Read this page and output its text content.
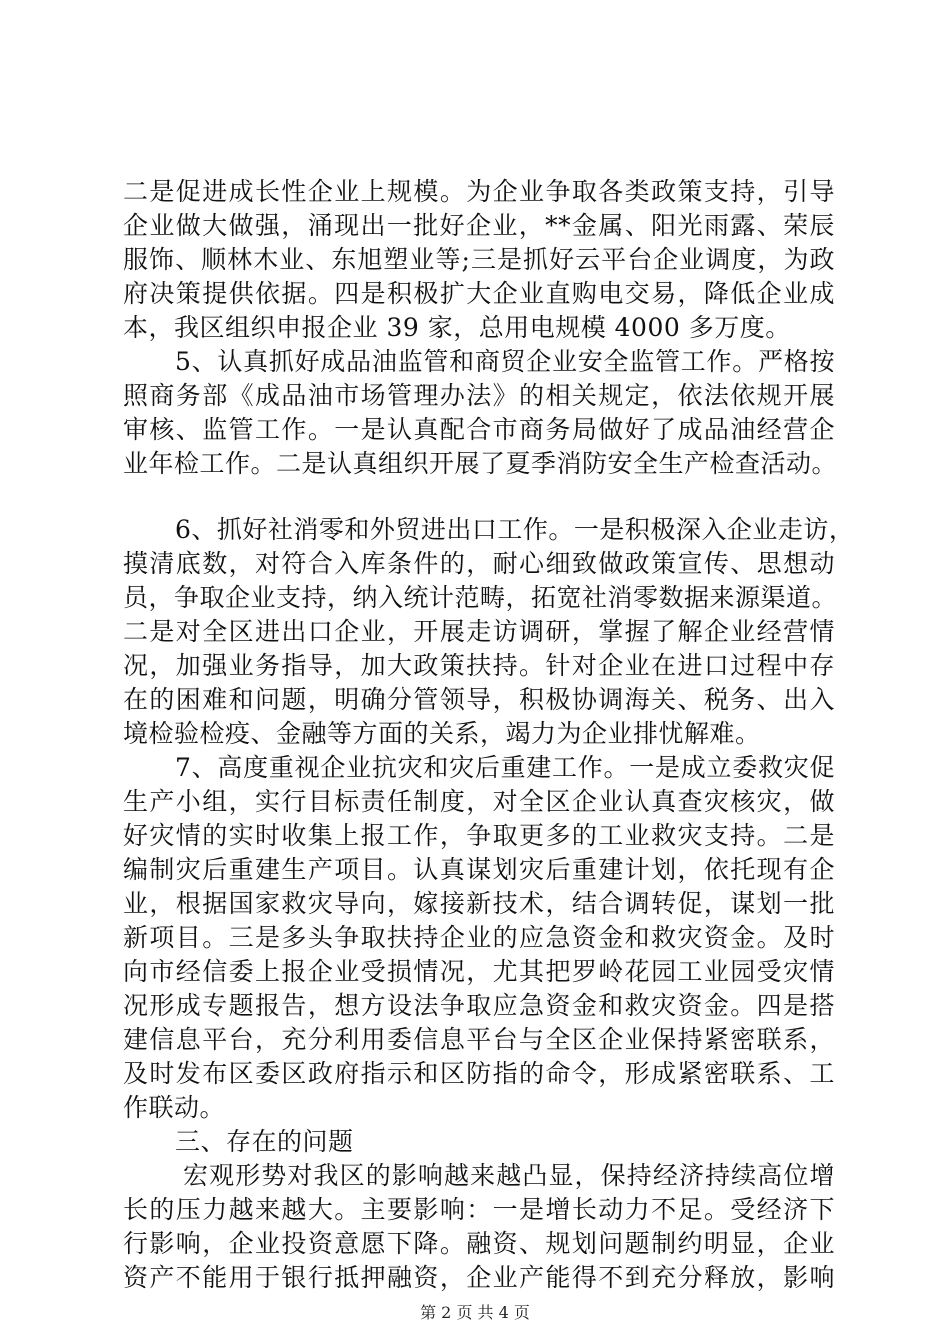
二是促进成长性企业上规模。为企业争取各类政策支持，引导
企业做大做强，涌现出一批好企业，**金属、阳光雨露、荣辰
服饰、顺林木业、东旭塑业等;三是抓好云平台企业调度，为政
府决策提供依据。四是积极扩大企业直购电交易，降低企业成
本，我区组织申报企业 39 家，总用电规模 4000 多万度。
5、认真抓好成品油监管和商贸企业安全监管工作。严格按
照商务部《成品油市场管理办法》的相关规定，依法依规开展
审核、监管工作。一是认真配合市商务局做好了成品油经营企
业年检工作。二是认真组织开展了夏季消防安全生产检查活动。
6、抓好社消零和外贸进出口工作。一是积极深入企业走访，
摸清底数，对符合入库条件的，耐心细致做政策宣传、思想动
员，争取企业支持，纳入统计范畴，拓宽社消零数据来源渠道。
二是对全区进出口企业，开展走访调研，掌握了解企业经营情
况，加强业务指导，加大政策扶持。针对企业在进口过程中存
在的困难和问题，明确分管领导，积极协调海关、税务、出入
境检验检疫、金融等方面的关系，竭力为企业排忧解难。
7、高度重视企业抗灾和灾后重建工作。一是成立委救灾促
生产小组，实行目标责任制度，对全区企业认真查灾核灾，做
好灾情的实时收集上报工作，争取更多的工业救灾支持。二是
编制灾后重建生产项目。认真谋划灾后重建计划，依托现有企
业，根据国家救灾导向，嫁接新技术，结合调转促，谋划一批
新项目。三是多头争取扶持企业的应急资金和救灾资金。及时
向市经信委上报企业受损情况，尤其把罗岭花园工业园受灾情
况形成专题报告，想方设法争取应急资金和救灾资金。四是搭
建信息平台，充分利用委信息平台与全区企业保持紧密联系，
及时发布区委区政府指示和区防指的命令，形成紧密联系、工
作联动。
三、存在的问题
宏观形势对我区的影响越来越凸显，保持经济持续高位增
长的压力越来越大。主要影响：一是增长动力不足。受经济下
行影响，企业投资意愿下降。融资、规划问题制约明显，企业
资产不能用于银行抵押融资，企业产能得不到充分释放，影响
第 2 页 共 4 页
